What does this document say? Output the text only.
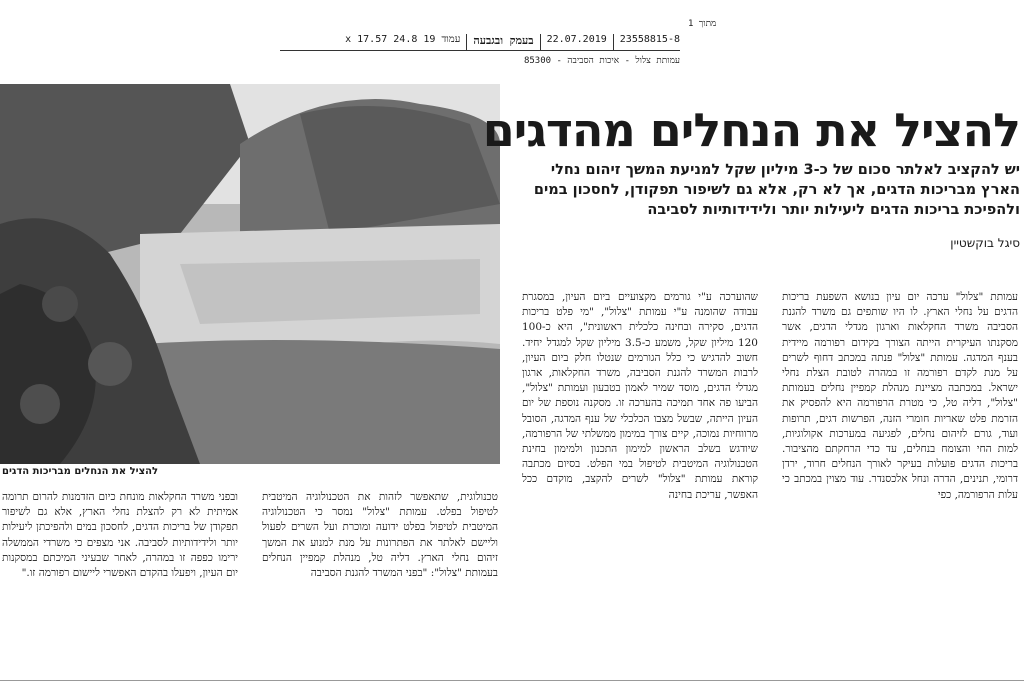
1 מתוך
23558815-8
22.07.2019
בעמק ובגבעה
עמוד 19
24.8 x 17.57
עמותת צלול - איכות הסביבה - 85300
להציל את הנחלים מבריכות הדגים
להציל את הנחלים מהדגים
יש להקציב לאלתר סכום של כ-3 מיליון שקל למניעת המשך זיהום נחלי הארץ מבריכות הדגים, אך לא רק, אלא גם לשיפור תפקודן, לחסכון במים ולהפיכת בריכות הדגים ליעילות יותר ולידידותיות לסביבה
סיגל בוקשטיין

עמותת "צלול" ערכה יום עיון בנושא השפעת בריכות הדגים על נחלי הארץ. לו היו שותפים גם משרד להגנת הסביבה משרד החקלאות וארגון מגדלי הדגים, אשר מסקנתו העיקרית הייתה הצורך בקידום רפורמה מיידית בענף המדגה. עמותת "צלול" פנתה במכתב דחוף לשרים על מנת לקדם רפורמה זו במהרה לטובת הצלת נחלי ישראל. במכתבה מציינת מנהלת קמפיין נחלים בעמותת "צלול", דליה טל, כי מטרת הרפורמה היא להפסיק את הזרמת פלט שאריות חומרי הזנה, הפרשות דגים, תרופות ועוד, גורם לזיהום נחלים, לפגיעה במערכות אקולוגיות, למות החי והצומח בנחלים, עד כדי הרחקתם מהציבור. בריכות הדגים פועלות בעיקר לאורך הנחלים חרוד, ירדן דרומי, תנינים, הדרה ונחל אלכסנדר. עוד מצוין במכתב כי עלות הרפורמה, כפי

שהוערכה ע"י גורמים מקצועיים ביום העיון, במסגרת עבודה שהומנה ע"י עמותת "צלול", "מי פלט בריכות הדגים, סקירה ובחינה כלכלית ראשונית", היא כ-100 120 מיליון שקל, משמע כ-3.5 מיליון שקל למגדל יחיד. חשוב להדגיש כי כלל הגורמים שנטלו חלק ביום העיון, לרבות המשרד להגנת הסביבה, משרד החקלאות, ארגון מגדלי הדגים, מוסד שמיר לאמון בטבעון ועמותת "צלול", הביעו פה אחד תמיכה בהערכה זו. מסקנה נוספת של יום העיון הייתה, שבשל מצבו הכלכלי של ענף המדגה, הסובל מרווחיות נמוכה, קיים צורך במימון ממשלתי של הרפורמה, שיודגש בשלב הראשון למימון התכנון ולמימון בחינת הטכנולוגיה המיטבית לטיפול במי הפלט. בסיום מכתבה קוראת עמותת "צלול" לשרים להקצב, מוקדם ככל האפשר, עריכת בחינה

טכנולוגית, שתאפשר לזהות את הטכנולוגיה המיטבית לטיפול בפלט. עמותת "צלול" נמסר כי הטכנולוגיה המיטבית לטיפול בפלט ידועה ומוכרת ועל השרים לפעול וליישם לאלתר את הפתרונות על מנת למנוע את המשך זיהום נחלי הארץ. דליה טל, מנהלת קמפיין הנחלים בעמותת "צלול": "בפני המשרד להגנת הסביבה

ובפני משרד החקלאות מונחת כיום הזדמנות להרום תרומה אמיתית לא רק להצלת נחלי הארץ, אלא גם לשיפור תפקודן של בריכות הדגים, לחסכון במים ולהפיכתן ליעילות יותר ולידידותיות לסביבה. אני מצפים כי משרדי הממשלה ירימו כפפה זו במהרה, לאחר שבעיני המיכתם במסקנות יום העיון, ויפעלו בהקדם האפשרי ליישום רפורמה זו."
